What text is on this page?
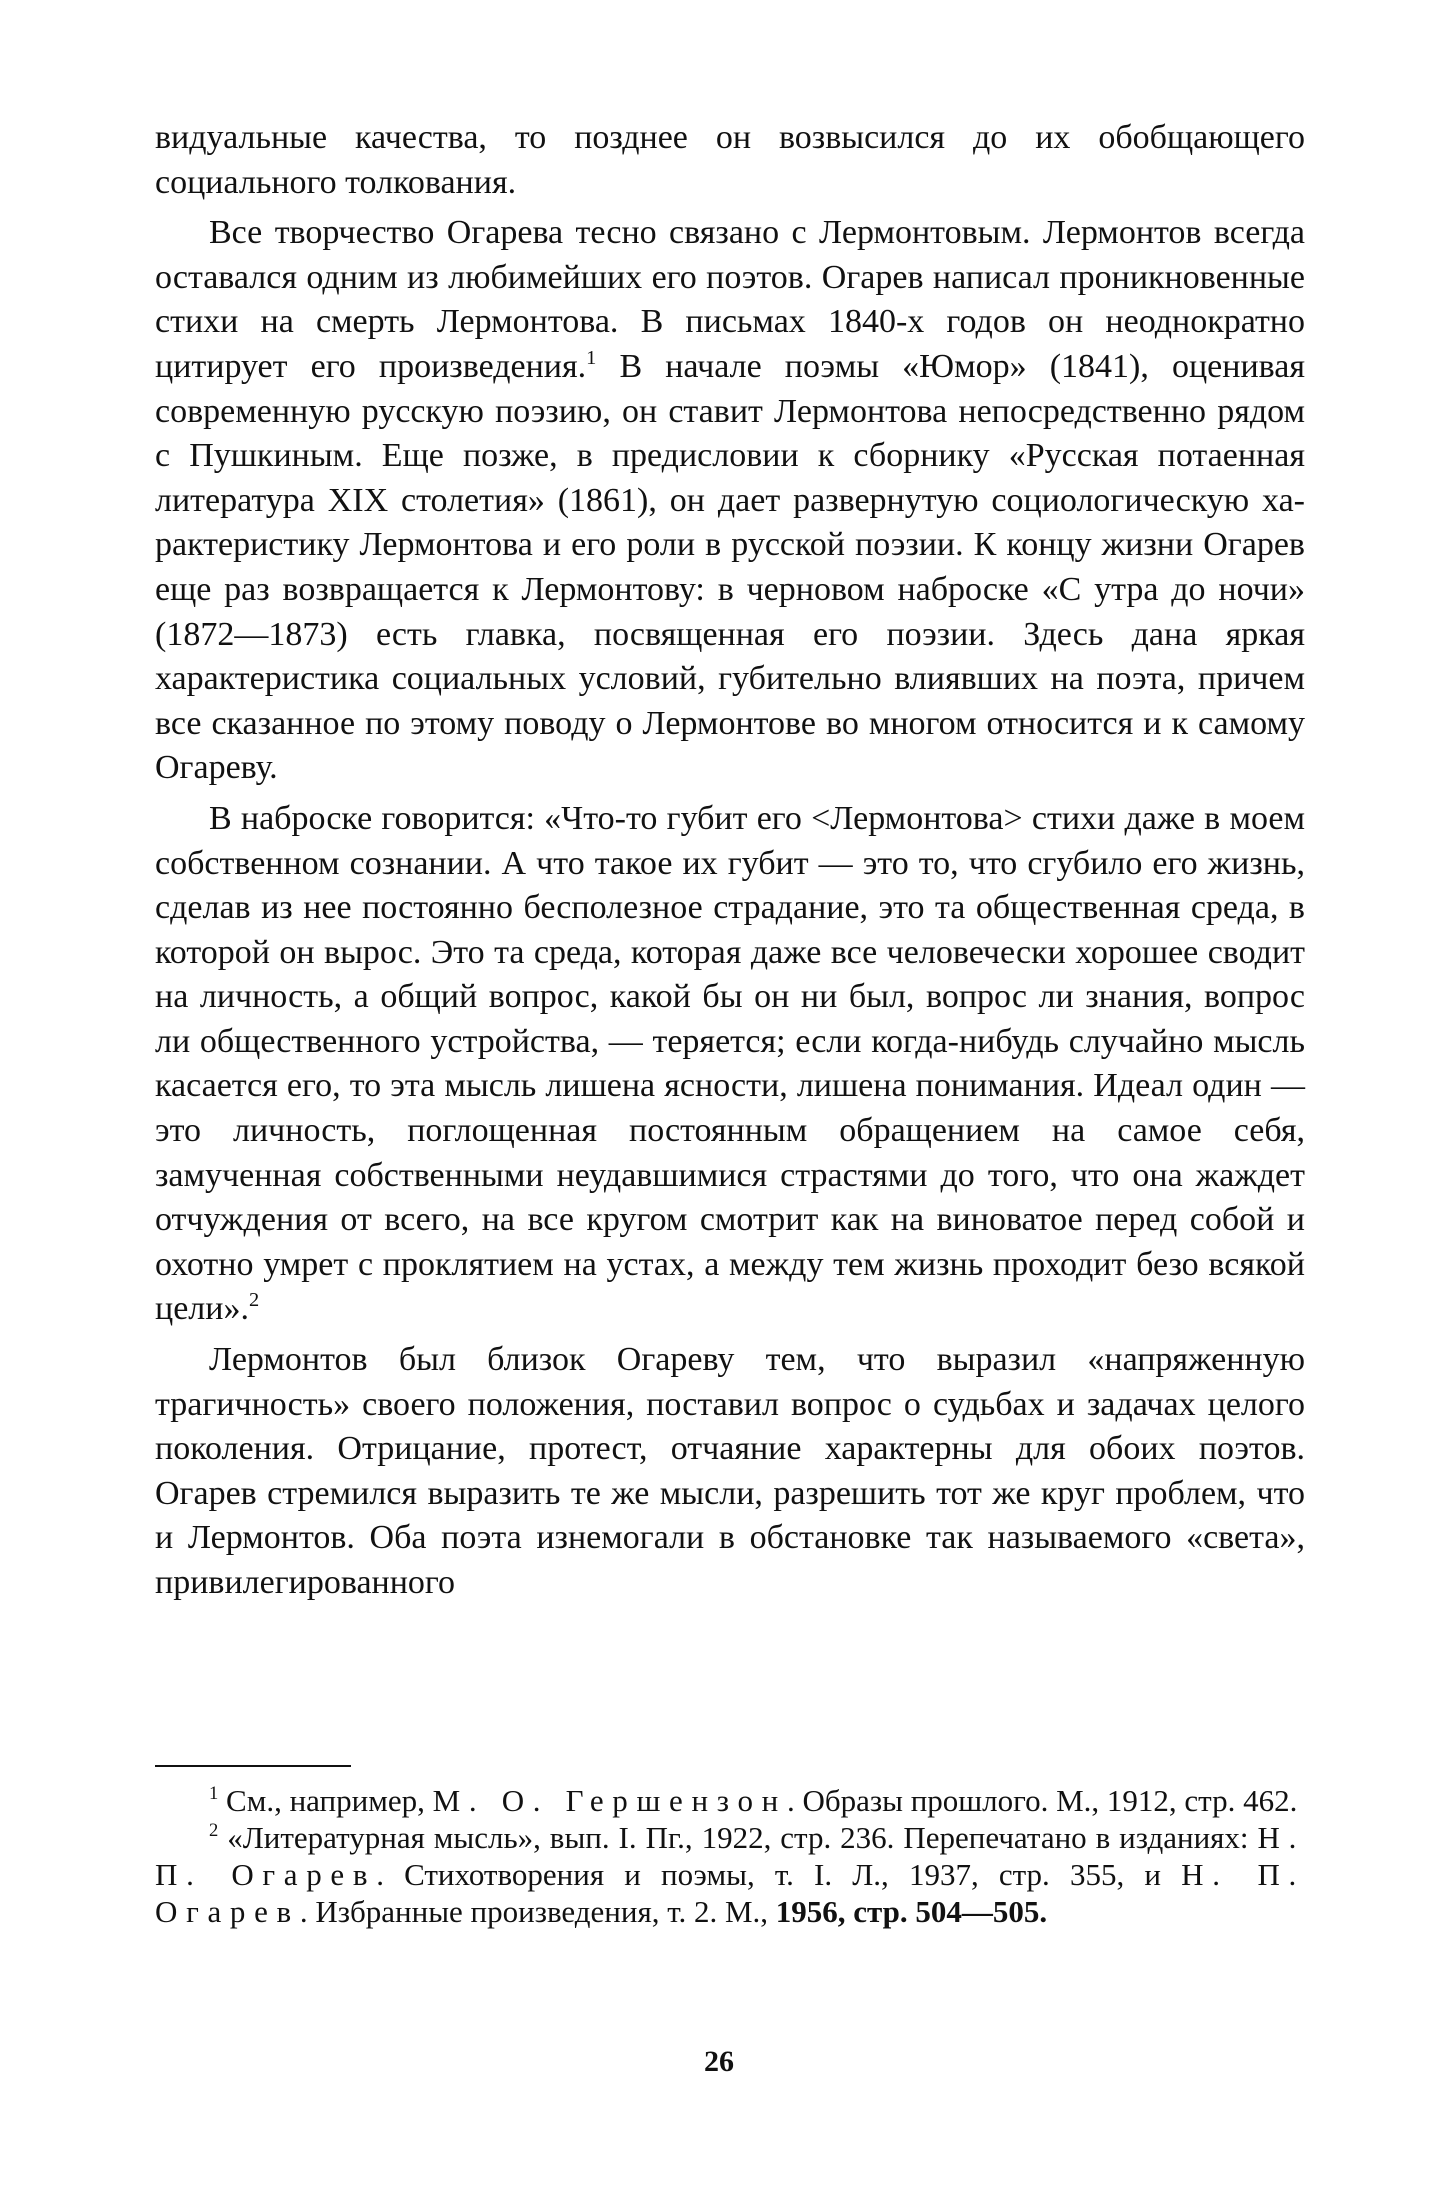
видуальные качества, то позднее он возвысился до их обобщающего социального толкования.

Все творчество Огарева тесно связано с Лермонтовым. Лермонтов всегда оставался одним из любимейших его поэтов. Огарев написал проникновенные стихи на смерть Лермонтова. В письмах 1840-х годов он неоднократно цитирует его произведения.$^1$ В начале поэмы «Юмор» (1841), оценивая современную русскую поэзию, он ставит Лермонтова непосредственно рядом с Пушкиным. Еще позже, в предисловии к сборнику «Русская потаенная литература XIX столетия» (1861), он дает развернутую социологическую характеристику Лермонтова и его роли в русской поэзии. К концу жизни Огарев еще раз возвращается к Лермонтову: в черновом наброске «С утра до ночи» (1872—1873) есть главка, посвященная его поэзии. Здесь дана яркая характеристика социальных условий, губительно влиявших на поэта, причем все сказанное по этому поводу о Лермонтове во многом относится и к самому Огареву.

В наброске говорится: «Что-то губит его <Лермонтова> стихи даже в моем собственном сознании. А что такое их губит — это то, что сгубило его жизнь, сделав из нее постоянно бесполезное страдание, это та общественная среда, в которой он вырос. Это та среда, которая даже все человечески хорошее сводит на личность, а общий вопрос, какой бы он ни был, вопрос ли знания, вопрос ли общественного устройства, — теряется; если когда-нибудь случайно мысль касается его, то эта мысль лишена ясности, лишена понимания. Идеал один — это личность, поглощенная постоянным обращением на самое себя, замученная собственными неудавшимися страстями до того, что она жаждет отчуждения от всего, на все кругом смотрит как на виноватое перед собой и охотно умрет с проклятием на устах, а между тем жизнь проходит безо всякой цели».$^2$

Лермонтов был близок Огареву тем, что выразил «напряженную трагичность» своего положения, поставил вопрос о судьбах и задачах целого поколения. Отрицание, протест, отчаяние характерны для обоих поэтов. Огарев стремился выразить те же мысли, разрешить тот же круг проблем, что и Лермонтов. Оба поэта изнемогали в обстановке так называемого «света», привилегированного

$^1$ См., например, М. О. Гершензон. Образы прошлого. М., 1912, стр. 462.

$^2$ «Литературная мысль», вып. I. Пг., 1922, стр. 236. Перепечатано в изданиях: Н. П. Огарев. Стихотворения и поэмы, т. I. Л., 1937, стр. 355, и Н. П. Огарев. Избранные произведения, т. 2. М., 1956, стр. 504—505.

26
